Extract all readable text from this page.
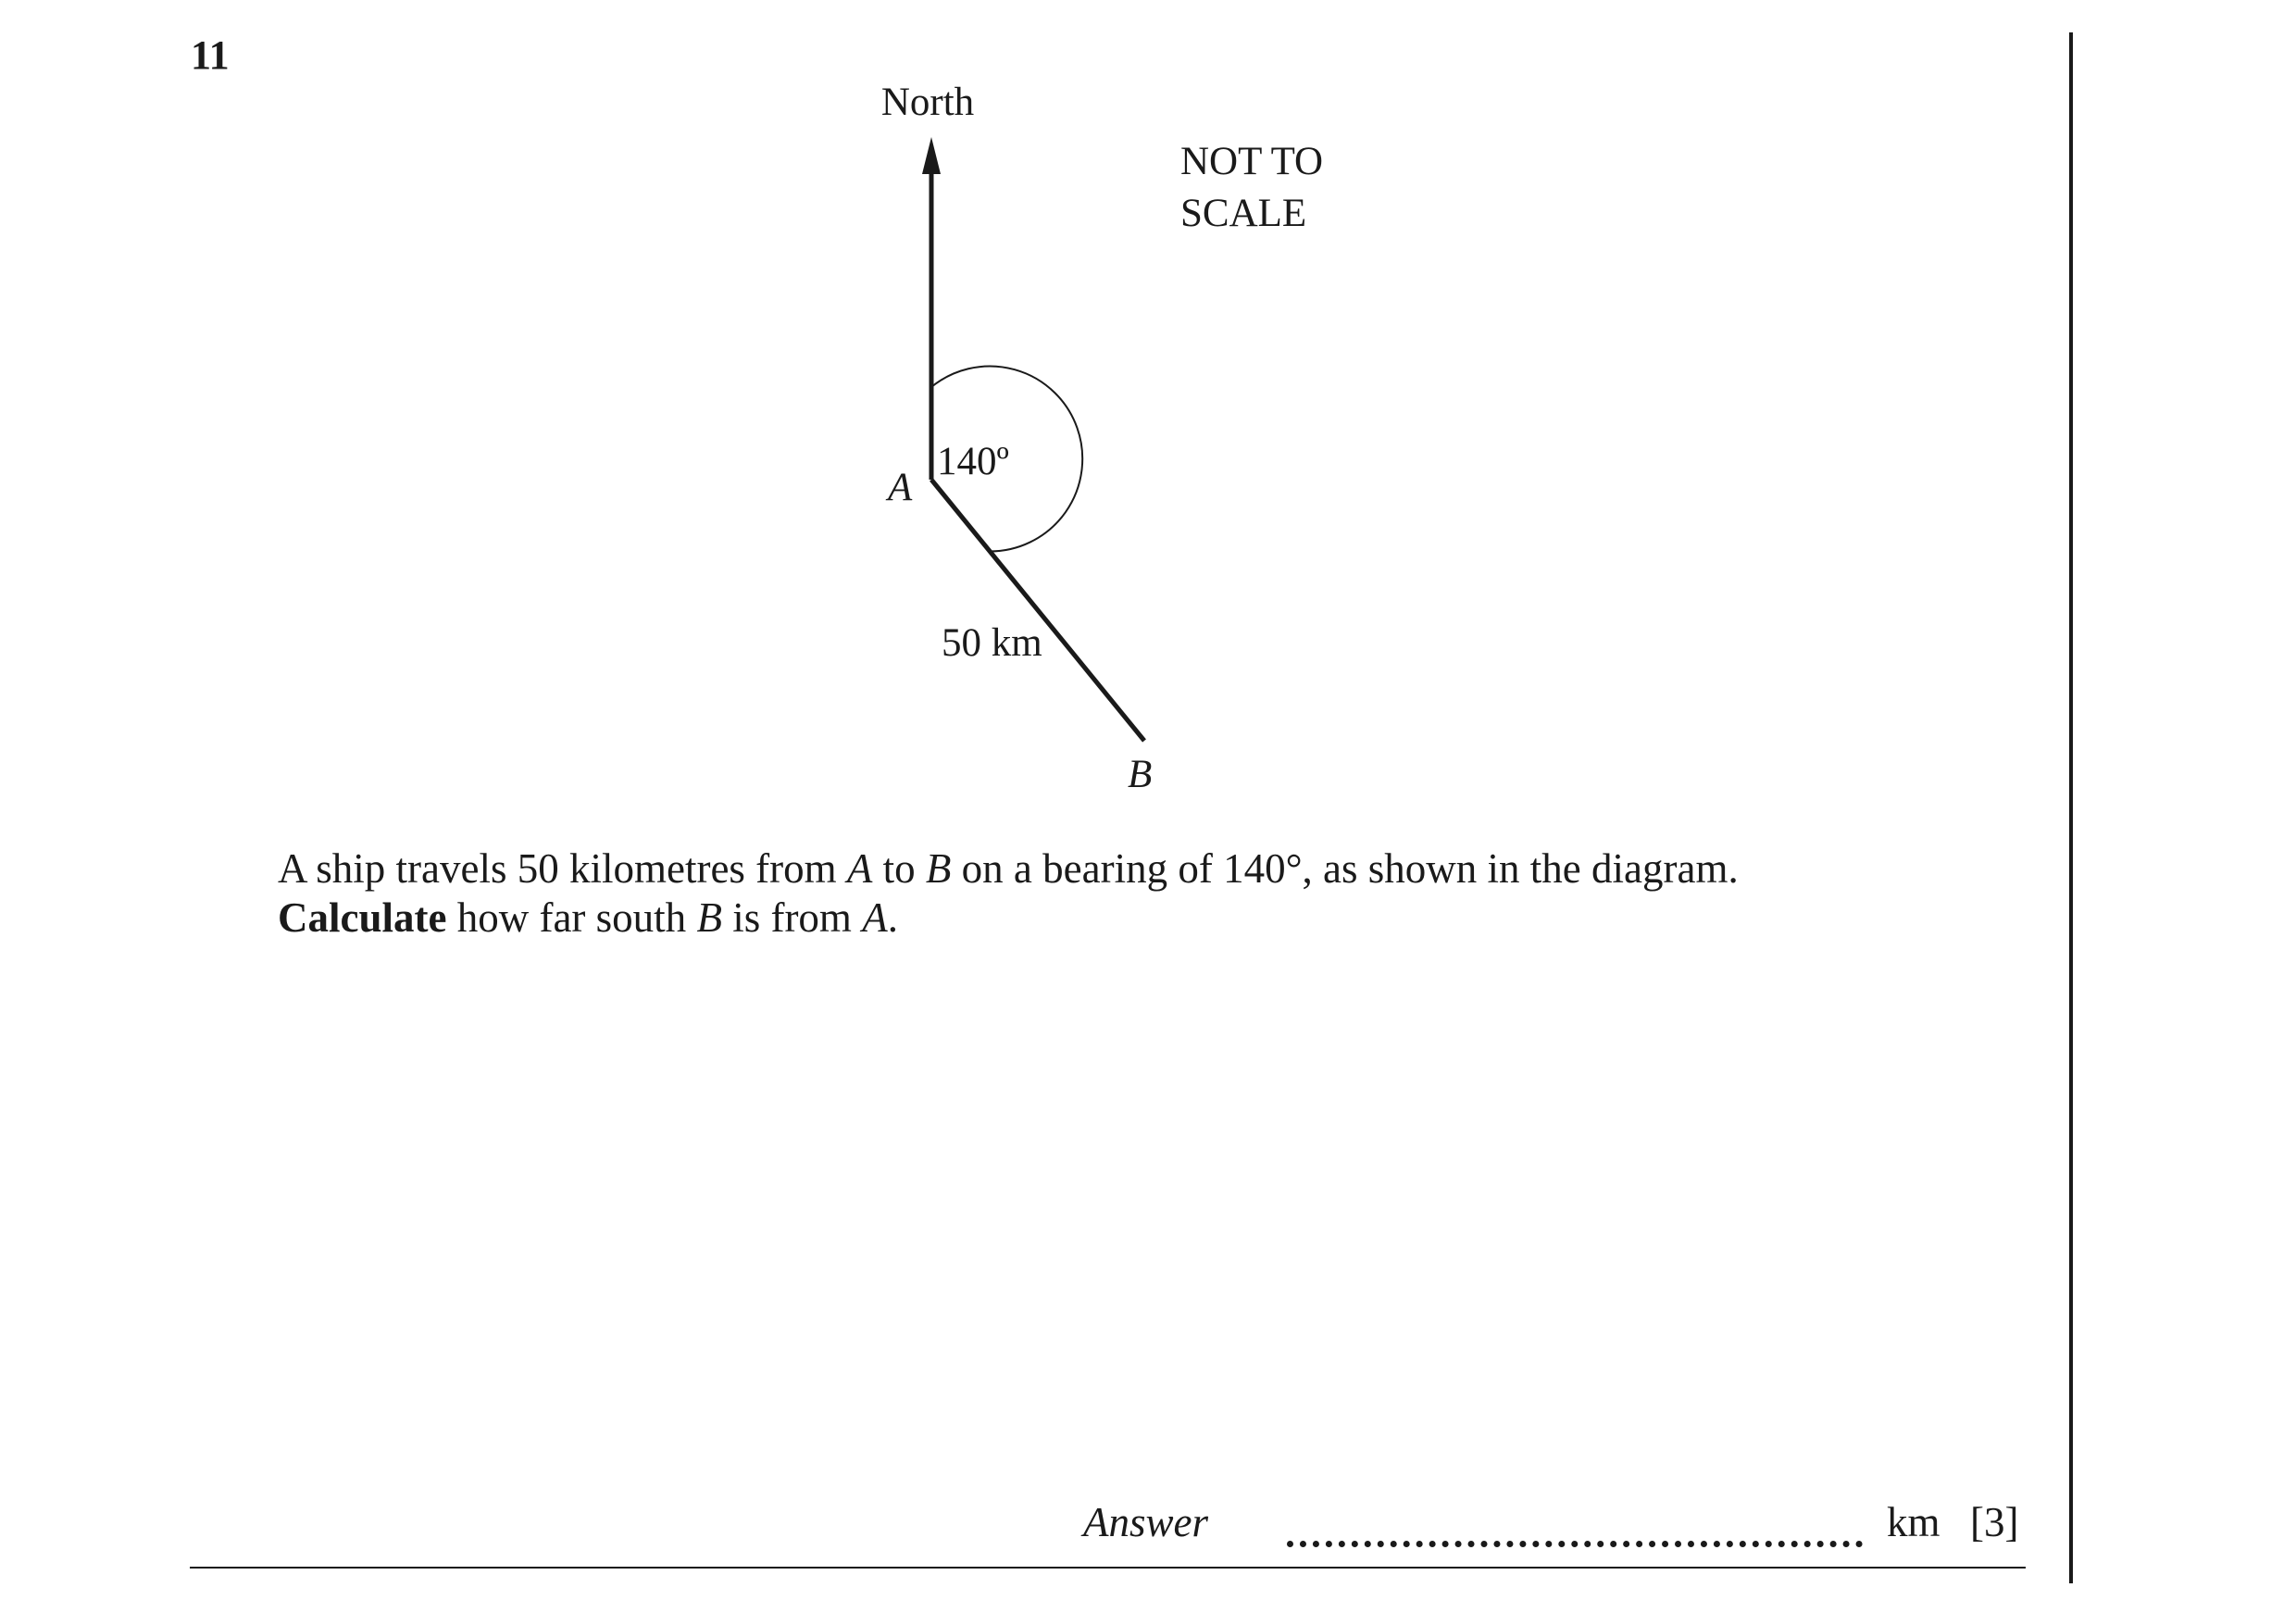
11
North
140º
A
50 km
B
NOT TO
SCALE

A ship travels 50 kilometres from A to B on a bearing of 140°, as shown in the diagram.

Calculate how far south B is from A.

Answer	km [3]
